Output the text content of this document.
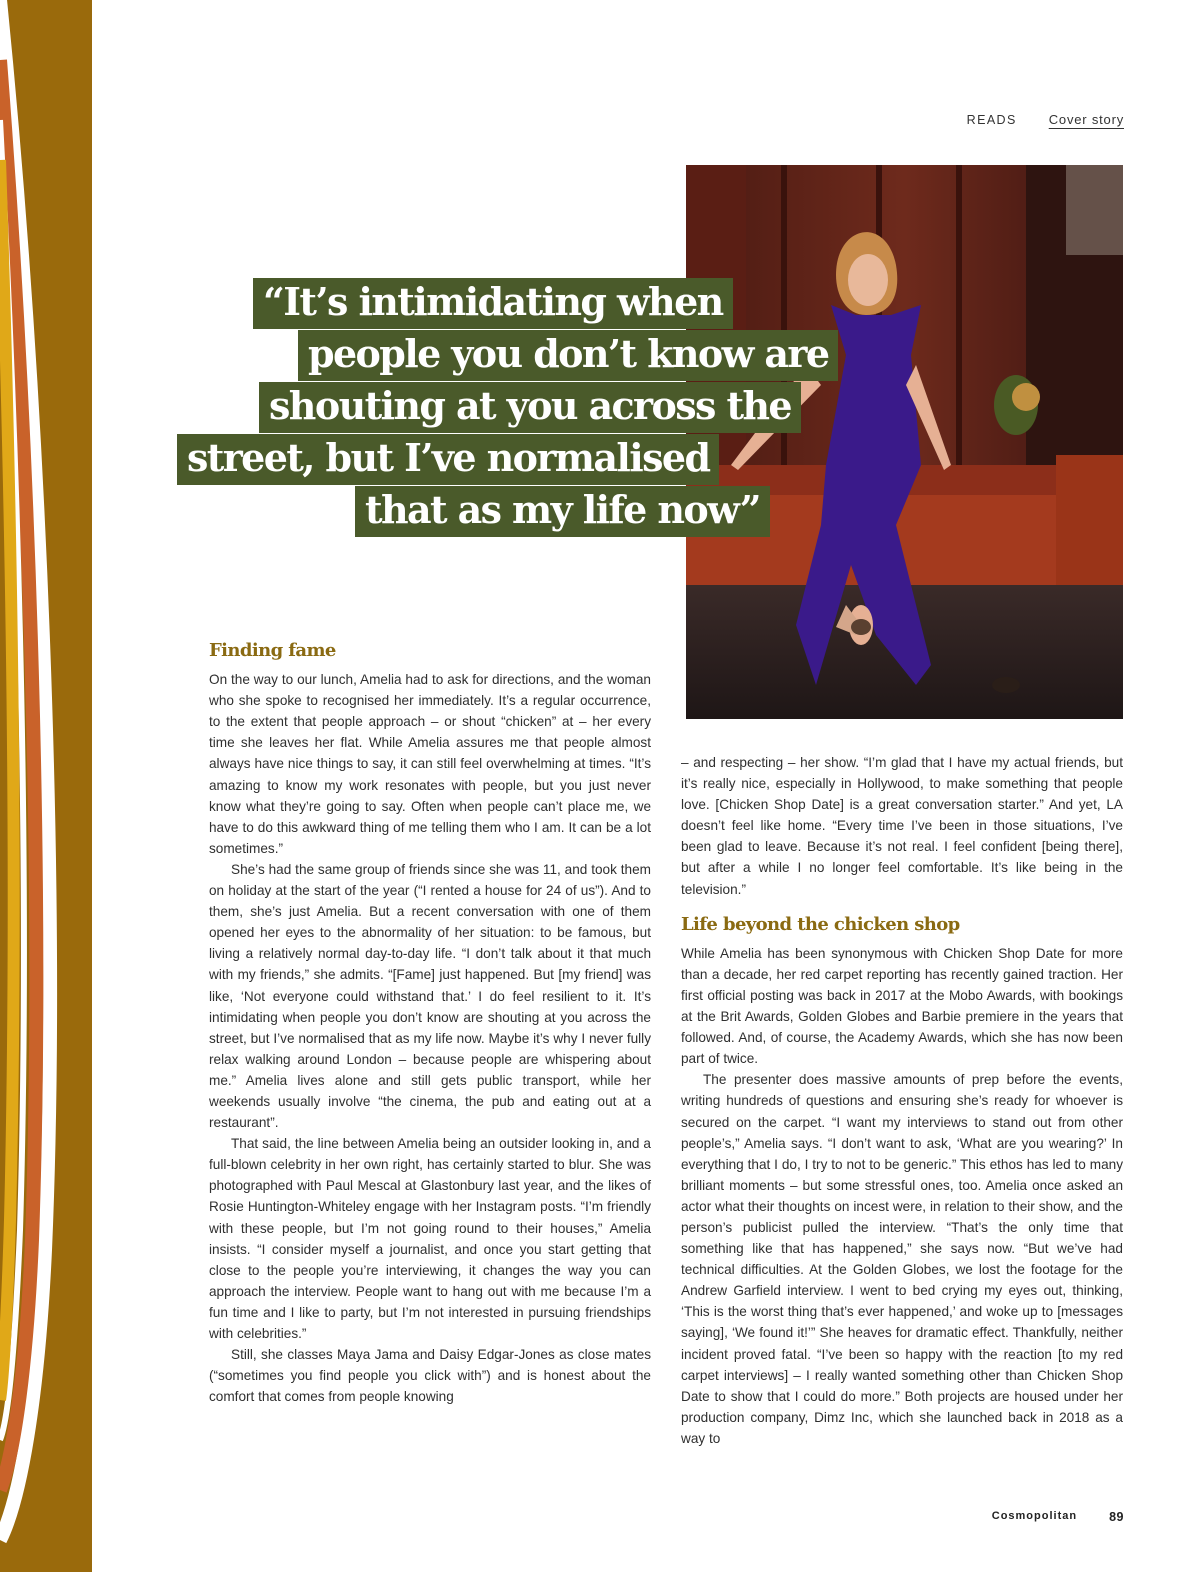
READS Cover story
“It’s intimidating when
people you don’t know are
shouting at you across the
street, but I’ve normalised
that as my life now”
Finding fame

On the way to our lunch, Amelia had to ask for directions, and the woman who she spoke to recognised her immediately. It’s a regular occurrence, to the extent that people approach – or shout “chicken” at – her every time she leaves her flat. While Amelia assures me that people almost always have nice things to say, it can still feel overwhelming at times. “It’s amazing to know my work resonates with people, but you just never know what they’re going to say. Often when people can’t place me, we have to do this awkward thing of me telling them who I am. It can be a lot sometimes.”

She’s had the same group of friends since she was 11, and took them on holiday at the start of the year (“I rented a house for 24 of us”). And to them, she’s just Amelia. But a recent conversation with one of them opened her eyes to the abnormality of her situation: to be famous, but living a relatively normal day-to-day life. “I don’t talk about it that much with my friends,” she admits. “[Fame] just happened. But [my friend] was like, ‘Not everyone could withstand that.’ I do feel resilient to it. It’s intimidating when people you don’t know are shouting at you across the street, but I’ve normalised that as my life now. Maybe it’s why I never fully relax walking around London – because people are whispering about me.” Amelia lives alone and still gets public transport, while her weekends usually involve “the cinema, the pub and eating out at a restaurant”.

That said, the line between Amelia being an outsider looking in, and a full-blown celebrity in her own right, has certainly started to blur. She was photographed with Paul Mescal at Glastonbury last year, and the likes of Rosie Huntington-Whiteley engage with her Instagram posts. “I’m friendly with these people, but I’m not going round to their houses,” Amelia insists. “I consider myself a journalist, and once you start getting that close to the people you’re interviewing, it changes the way you can approach the interview. People want to hang out with me because I’m a fun time and I like to party, but I’m not interested in pursuing friendships with celebrities.”

Still, she classes Maya Jama and Daisy Edgar-Jones as close mates (“sometimes you find people you click with”) and is honest about the comfort that comes from people knowing

– and respecting – her show. “I’m glad that I have my actual friends, but it’s really nice, especially in Hollywood, to make something that people love. [Chicken Shop Date] is a great conversation starter.” And yet, LA doesn’t feel like home. “Every time I’ve been in those situations, I’ve been glad to leave. Because it’s not real. I feel confident [being there], but after a while I no longer feel comfortable. It’s like being in the television.”

Life beyond the chicken shop

While Amelia has been synonymous with Chicken Shop Date for more than a decade, her red carpet reporting has recently gained traction. Her first official posting was back in 2017 at the Mobo Awards, with bookings at the Brit Awards, Golden Globes and Barbie premiere in the years that followed. And, of course, the Academy Awards, which she has now been part of twice.

The presenter does massive amounts of prep before the events, writing hundreds of questions and ensuring she’s ready for whoever is secured on the carpet. “I want my interviews to stand out from other people’s,” Amelia says. “I don’t want to ask, ‘What are you wearing?’ In everything that I do, I try to not to be generic.” This ethos has led to many brilliant moments – but some stressful ones, too. Amelia once asked an actor what their thoughts on incest were, in relation to their show, and the person’s publicist pulled the interview. “That’s the only time that something like that has happened,” she says now. “But we’ve had technical difficulties. At the Golden Globes, we lost the footage for the Andrew Garfield interview. I went to bed crying my eyes out, thinking, ‘This is the worst thing that’s ever happened,’ and woke up to [messages saying], ‘We found it!’” She heaves for dramatic effect. Thankfully, neither incident proved fatal. “I’ve been so happy with the reaction [to my red carpet interviews] – I really wanted something other than Chicken Shop Date to show that I could do more.” Both projects are housed under her production company, Dimz Inc, which she launched back in 2018 as a way to

Cosmopolitan	89
